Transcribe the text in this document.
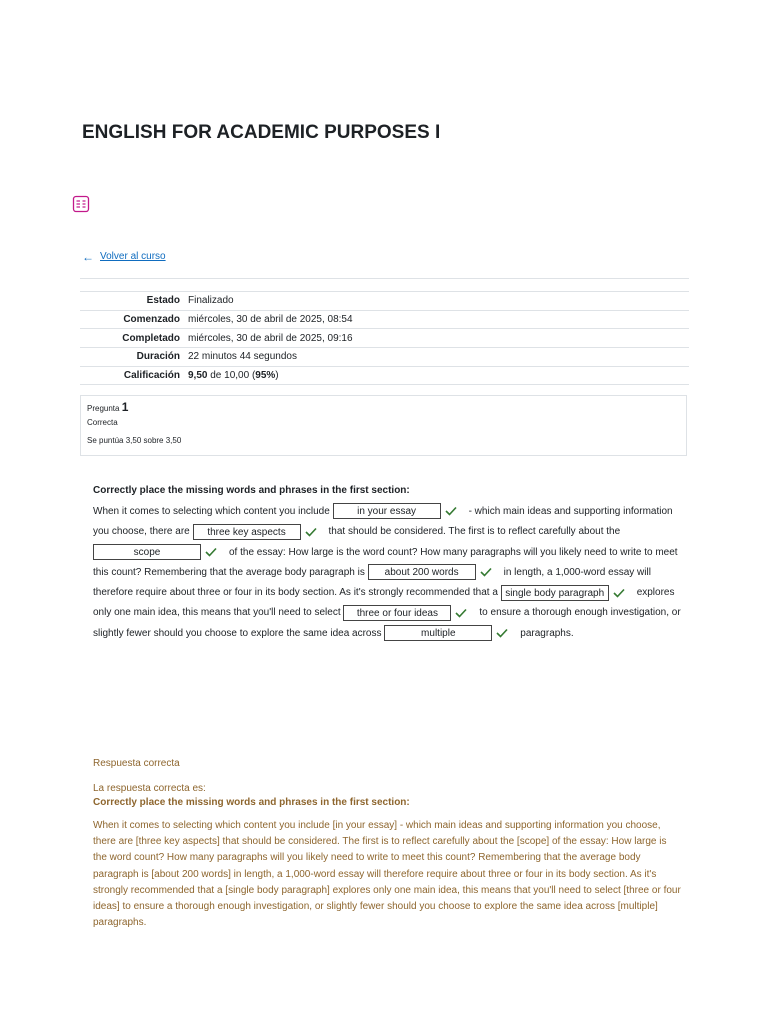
ENGLISH FOR ACADEMIC PURPOSES I
← Volver al curso
Estado Finalizado
Comenzado miércoles, 30 de abril de 2025, 08:54
Completado miércoles, 30 de abril de 2025, 09:16
Duración 22 minutos 44 segundos
Calificación 9,50 de 10,00 (95%)
Pregunta 1
Correcta
Se puntúa 3,50 sobre 3,50
Correctly place the missing words and phrases in the first section:
When it comes to selecting which content you include	in your essay	- which main ideas and supporting information you choose, there are three key aspects	that should be considered. The first is to reflect carefully about the scope	of the essay: How large is the word count? How many paragraphs will you likely need to write to meet this count? Remembering that the average body paragraph is about 200 words	in length, a 1,000-word essay will therefore require about three or four in its body section. As it's strongly recommended that a single body paragraph	explores only one main idea, this means that you'll need to select three or four ideas	to ensure a thorough enough investigation, or slightly fewer should you choose to explore the same idea across	multiple	paragraphs.
Respuesta correcta
La respuesta correcta es:
Correctly place the missing words and phrases in the first section:
When it comes to selecting which content you include [in your essay] - which main ideas and supporting information you choose, there are [three key aspects] that should be considered. The first is to reflect carefully about the [scope] of the essay: How large is the word count? How many paragraphs will you likely need to write to meet this count? Remembering that the average body paragraph is [about 200 words] in length, a 1,000-word essay will therefore require about three or four in its body section. As it's strongly recommended that a [single body paragraph] explores only one main idea, this means that you'll need to select [three or four ideas] to ensure a thorough enough investigation, or slightly fewer should you choose to explore the same idea across [multiple] paragraphs.
